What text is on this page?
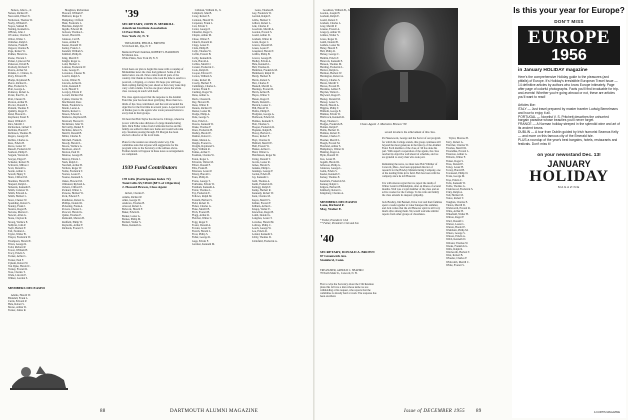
Nelson, John G., Jr.
Nelson, Richard E.
Newcomb, Elbert N.
Nicholson, Thomas W.
Norby, William E.
Noyes, Samuel B.
Nutting, Kenneth G.
O'Brien, John J.
O'Connor, Charles F.
Oliver, Walter J.
Ormsbee, Ralph J.
Osborne, Frank H.
Osgood, Charles B.
Page, Robert W.
Palmer, Harold A.
Paone, Vincent J.
Parker, Lynwood M.
Patterson, David B.
Peabody, Richard T.
Pearce, Arthur M.
Perkins, C. Clinton, Jr.
Perry, Edward H.
Phelps, Raymond B.
Pierce, Richard L.
Pike, Frederick S.
Platt, George A.
Pomeroy, Robert A.
Porter, Paul W., Jr.
Pratt, Chester N.
Preston, Arthur B.
Proctor, Donald S.
Putnam, Thomas F.
Quimby, Roger E.
Rand, Howard L.
Raymond, Stuart E.
Reed, William T.
Rice, Merrill J.
Richardson, Gilbert T.
Robbins, Harold F.
Robinson, Thomas H.
Rogers, George M.
Rollins, Charles A.
Ross, Edwin B.
Rowe, Lester W.
Russell, Frederick W.
Sanborn, Philip E.
Sargent, Warren R.
Sawyer, Edgar F.
Schaefer, Robert H.
Schwartz, Milton J.
Scott, Donald G.
Searle, Arthur C.
Sewall, Henry T.
Shaw, Clifford M.
Sherman, Harold B.
Shepard, Ralph L.
Simonds, Kenneth E.
Smith, Carleton W.
Smith, Edward A.
Smith, Herbert L.
Snow, Chester W.
Spaulding, Robert S.
Stanley, Frank J.
Stearns, Roger B.
Stevens, Merton C.
Stewart, Allan G.
Stone, Clayton R.
Strong, Wallace E.
Sullivan, John P.
Swift, Herbert F.
Taft, Norman L.
Taylor, Walter B.
Thayer, Frederick W.
Thompson, Harold E.
Tilton, George R.
Todd, Richard P.
Tower, William H.
Tracy, Edwin S.
Tucker, Arthur L.
Turner, Paul F.
Upham, Robert W.
Van Dyke, Harold C.
Varney, Everett R.
Vose, Charles T.
Wade, Lincoln E.
Walker, Gordon S.

MEMBERS DECEASED

Adams, Harold W.
Blaisdell, Frank L.
Curtis, Edward P.
Hale, Robert S.
Morse, Arthur D.
Turner, James R.

Houghton, Richardson
Howard, William F.
Hubbard, Roger T.
Humphrey, Clifford
Hunt, Frederick L.
Hutchins, Ralph W.
Ingalls, Edward M.
Jackson, Thomas L.
Jewett, Harold R.
Johnson, Carl B.
Jones, Arthur E.
Keene, Donald W.
Kelley, Francis J.
Kendall, William S.
Kimball, Philip D.
King, Merrill T.
Knight, Roger A.
Ladd, Herbert C.
Lamson, Frederick W.
Lane, George E.
Lawrence, Chester B.
Leavitt, Ralph S.
Lewis, Walter H.
Lincoln, Arthur R.
Little, Kenneth F.
Lord, Harold T.
Lovejoy, Edwin P.
Lowell, Richard M.
Lyman, Charles W.
MacDonald, Ross
Mann, Frederick G.
Marsh, Lester A.
Martin, Robert C.
Mason, Edward L.
Mathews, Raymond B.
Maxwell, Howard J.
McAllister, John W.
McCarthy, Daniel F.
McIntire, Albert S.
Merrill, Donald B.
Miller, Charles E.
Mitchell, Frank R.
Moody, Harold L.
Moore, Wallace G.
Morrison, Alan T.
Morton, Paul W.
Munroe, George H.
Murray, Edwin J.
Nash, Ralph C.
Newhall, Arthur B.
Nichols, Roger W.
Noble, Frederick T.
Norton, Lester E.
Nourse, Kenneth S.
Oakes, Howard M.
Olmstead, Richard A.
Osborn, Clifford E.
Packard, Walter L.
Parsons, Herbert W.
Peck, Edward F.
Pendleton, Robert G.
Phillips, Donald R.
Pickering, Frank A.
Powers, Chester L.
Prescott, Harold G.
Quinn, Thomas E.
Ramsdell, Merton B.
Redfield, Philip W.
Reynolds, Arthur F.
Richards, Everett T.

'39

SECRETARY, JOHN B. MERRILL
American Institute Association
14 East 56th St.
New York 22, N. Y.

TREASURER, PHILIP A. BREWER
32 Orchard Rd., Rye, N. Y.

Memorial Fund Chairman, ROBERT S. HARRISON
82 Marion Ave.
White Plains, New York 28, N. Y.

It had been our plan to begin this issue with a roundup of Midsummer news the class had gathered. Some of the items below are old. News came from all parts of the country. Our thanks to those who took the time to send in a postcard, a clipping, or a letter. We hope you will keep them coming during the year ahead so that every issue may carry a full column. It is the one place where the whole class can keep in touch with itself.

The class agents report that the response to the Alumni Fund this year has been most gratifying. More than two-thirds of the class contributed, and the total exceeded the objective for the first time in several years. A special word of thanks goes to the agents who wrote personal letters to every man in their groups.

We hear that Bob Taylor has moved to Chicago, where he is now with the sales division of a large manufacturing firm. Dick Fuller writes from California that he and his family are settled in their new home and would welcome any classmate passing through. Ed Morgan has been elected a director of his local bank.

Plans for the reunion are already under way. The committee asks that anyone with suggestions for the program write to the Secretary at the address above. Further details will appear in these notes as arrangements are completed.

1939 Fund Contributors

178 Gifts (Participation Index 72)
Total Gifts $5,749.60 (88% of Objective)
J. Howard Brown, Class Agent

Abbott, Charles E.
Adams, Richard P.
Allen, George W.
Andrews, Thomas B.
Atwood, Robert L.
Babcock, Harold F.
Baker, Edwin R.
Barker, Lester A.
Barnes, Philip M.
Bartlett, Walter S.
Bates, Kenneth G.

Callahan, William D., Jr.
Campbell, John B.
Carey, Robert E.
Carleton, Harold W.
Carpenter, Frank L.
Carr, Edwin T.
Carter, George P.
Chandler, Roger S.
Chapin, Arthur M.
Chase, Walter F.
Church, Donald R.
Clapp, Lester E.
Clark, Philip H.
Cobb, Thomas W.
Coffin, Everett B.
Colby, Kenneth R.
Cole, Harold A.
Collins, Merrill J.
Conant, Frederick C.
Cook, Ralph D.
Cooper, Edward T.
Cotton, William S.
Crane, Robert M.
Crosby, Herbert F.
Cummings, Charles L.
Currier, Frank E.
Cushing, Roger W.
Dana, Arthur G.
Davis, Chester R.
Day, Howard B.
Dean, Walter P.
Dennis, Richard T.
Dexter, Lester M.
Dodge, Philip A.
Dole, George S.
Dow, Edwin L.
Downs, Kenneth W.
Drake, Thomas F.
Drew, Frederick H.
Dudley, Harold E.
Dunbar, Robert C.
Dunn, Merton A.
Durgin, Everett G.
Dwight, Raymond S.
Dyer, William R.
Eames, Arthur T.
Eastman, Charles W.
Eaton, Roger L.
Edwards, Walter M.
Elliott, Donald F.
Ellis, Frank B.
Emerson, Lester P.
Emery, Harold C.
Estes, Philip R.
Evans, George T.
Fairbanks, Edwin W.
Farnham, Kenneth A.
Farrar, Thomas L.
Fay, Frederick E.
Fellows, Ralph M.
Fernald, Herbert S.
Field, Robert D.
Fisher, Charles G.
Fiske, Merrill B.
Fitch, Everett H.
Flagg, Arthur R.
Fletcher, Walter C.
Fogg, Roger T.
Foster, Donald A.
Fowler, Lester W.
French, Harold L.
Frost, Philip S.
Fuller, George R.
Gage, Edwin F.
Gardner, Kenneth M.

Gates, Thomas B.
Gay, Frederick W.
Gerrish, Ralph E.
Gibbs, Herbert T.
Gilbert, Robert L.
Gile, Charles P.
Goodwin, Merrill A.
Gordon, Everett S.
Gould, Arthur D.
Graham, Walter R.
Grant, Roger C.
Graves, Donald M.
Green, Lester F.
Greenleaf, Harold T.
Griffin, Philip B.
Grover, George H.
Hadley, Edwin A.
Hale, Kenneth L.
Hall, Thomas R.
Hamilton, Frederick M.
Hammond, Ralph W.
Hardy, Herbert E.
Harris, Robert S.
Hart, Charles F.
Haskell, Merrill G.
Hastings, Everett D.
Hatch, Arthur B.
Hayes, Walter T.
Hazen, Roger P.
Heath, Donald L.
Herrick, Lester C.
Hill, Harold W.
Hobbs, Philip E.
Hodgdon, George A.
Holbrook, Edwin M.
Holmes, Kenneth T.
Holt, Thomas S.
Hooper, Frederick R.
Hopkins, Ralph B.
Hovey, Herbert L.
Howe, Robert F.
Hoyt, Charles D.
Hubbell, Merrill E.
Hull, Everett W.
Hunter, Arthur C.
Hurd, Walter G.
Hutchinson, Roger M.
Irving, Donald T.
Jacobs, Lester R.
James, Harold S.
Jenkins, Philip L.
Jennings, George F.
Jordan, Edwin B.
Joy, Kenneth C.
Judd, Thomas A.
Keith, Frederick D.
Kellogg, Ralph T.
Kemp, Herbert R.
Kennedy, Robert W.
Kent, Charles M.
Keyes, Merrill S.
Kidder, Everett F.
Kilburn, Arthur L.
Knapp, Walter E.
Knowlton, Roger B.
Lamb, Donald G.
Langdon, Lester T.
Larrabee, Harold M.
Lathrop, Philip C.
Leach, George W.
Lee, Edwin R.
Leland, Kenneth S.
Libby, Thomas D.
Littlefield, Frederick A.

88	DARTMOUTH ALUMNI MAGAZINE

Goodman, William B., Jr.
Gordon, Joseph H.
Gorham, Ralph E.
Gould, Robert T.
Graham, Charles L.
Gray, Merrill P.
Greene, Everett A.
Gregory, Arthur W.
Grimes, Walter S.
Gross, Roger D.
Guild, Donald B.
Guthrie, Lester M.
Haley, Harold F.
Hall, Philip R.
Halsey, George C.
Hamlin, Edwin T.
Hancock, Kenneth E.
Hanson, Thomas M.
Harding, Frederick L.
Harlow, Ralph G.
Harmon, Herbert W.
Harrington, Robert A.
Harvey, Charles S.
Haven, Merrill T.
Hawes, Everett B.
Hawkins, Arthur F.
Hayden, Walter L.
Hayward, Roger E.
Healey, Donald M.
Hersey, Lester S.
Hewitt, Harold A.
Higgins, Philip T.
Hildreth, George E.
Hinman, Edwin W.
Hitchcock, Kenneth R.
Hoag, Thomas C.
Hodges, Frederick B.
Holden, Ralph F.
Hollis, Herbert D.
Holman, Robert E.
Hooker, Charles T.
Hosmer, Merrill L.
Hough, Everett M.
Howland, Arthur S.
Humphreys, Walter D.
Hunting, Roger A.
Hyde, Donald W.
Ives, Lester B.
Jaquith, Harold R.
Jefferson, Philip G.
Johnston, George L.
Joslin, Edwin S.
Keeler, Kenneth T.
Kelsey, Thomas E.
Kendrick, Frederick M.
Kenney, Ralph C.
Kilgore, Herbert B.
Kimberly, Robert L.
Kingsbury, Charles A.

MEMBERS DECEASED
Lane, Richard F.
May, Walter E.

* Father, President's Club
** Father, President's Club and Son

'40

SECRETARY, DONALD A. BROWN
87 Greenwich Ave.
Stamford, Conn.

TREASURER, ARNOLD C. SHAPIRO
78 North Main St., Concord, N. H.

First to wire the Secretary about the 15th Reunion plans this fall was a man whose name we are withholding at his request, who reports that the committee is already hard at work. The response has been excellent.

second income is the achievement of this class.

Pat Skeewoods, George and the Secret of our program for which the College stands, this group continues still beyond the most generous in the history of the Alumni Fund. Each member of the class of '40 has done his part. With superb cooperation of the agents, the class reached its objective well ahead of schedule, and we are grateful to every man who took part.

Remaining the news, we must note Bob Whittier of Concord, Mass., has been appointed director of research for the Hawley Manufacturing Company, one of the leading firms in its field. Bob has been with the company since he left Hanover.

It is with sincere regret that we report the death of Walter Grant in Philadelphia, after an illness of several months. Walt was a loyal member of the class and an active worker for the College. To his wife and family the class extends its deepest sympathy.

Jack Bradley, Jim Bennett, Dave Carr and their families spent a week together at Lake Sunapee this summer, and Jack writes that the old Hanover spirit is still very much alive among them. We would welcome similar reports from other groups of classmates.

Taylor, Monroe B.
Terry, Robert A.
Thatcher, Charles W.
Thomas, Merrill R.
Thorndike, Everett L.
Thurston, Arthur G.
Tibbetts, Walter F.
Tinker, Roger S.
Titus, Donald E.
Tobey, Lester H.
Torrey, Harold B.
Townsend, Philip D.
Trask, George M.
True, Edwin C.
Tufts, Kenneth W.
Tuttle, Thomas G.
Underwood, Frederick S.
Utley, Ralph A.
Vail, Herbert M.
Vance, Robert T.
Vaughan, Charles E.
Vinton, Merrill D.
Wadsworth, Everett R.
Waite, Arthur B.
Wakefield, Walter H.
Walton, Roger F.
Ward, Donald C.
Warner, Lester L.
Warren, Harold E.
Washburn, Philip M.
Waters, George S.
Watson, Edwin A.
Webb, Kenneth D.
Webster, Thomas W.
Weeks, Frederick G.
Wells, Ralph R.
Wentworth, Herbert T.
West, Robert B.
Wheeler, Charles F.
Whitcomb, Merrill C.
White, Everett S.

Class Agent J. Marston Brown '39
Is this your year for Europe?
DON'T MISS
EUROPE
1956
in January HOLIDAY magazine
Here's the comprehensive Holiday guide to the pleasures (and pitfalls) of Europe. It's Holiday's irresistible European Travel Issue — 14 definitive articles by authors who know Europe intimately. Page after page of colorful photographs. Facts you'll find invaluable for trip-and-events! Whether you're going abroad or not, these are articles you'll want to read!

Articles like:
ITALY — Just travel prepared by master traveler Ludwig Bemelmans and how to enjoy it all.
PORTUGAL — Novelist V. S. Pritchett describes the unhurried bargain paradise whose beauties you'll never forget.
FRANCE — A Norman holiday steeped in the splendid wine and art of its ancient towns.
DUBLIN — A tour from Dublin guided by Irish humorist Seamus Kelly — and more on this famous city of the Emerald Isle.
PLUS a roundup of the year's best bargains, hotels, restaurants and festivals. Don't miss it!
on your newsstand Dec. 13!
JANUARY
HOLIDAY
MAGAZINE
A CURTIS MAGAZINE
Issue of DECEMBER 1955 89
